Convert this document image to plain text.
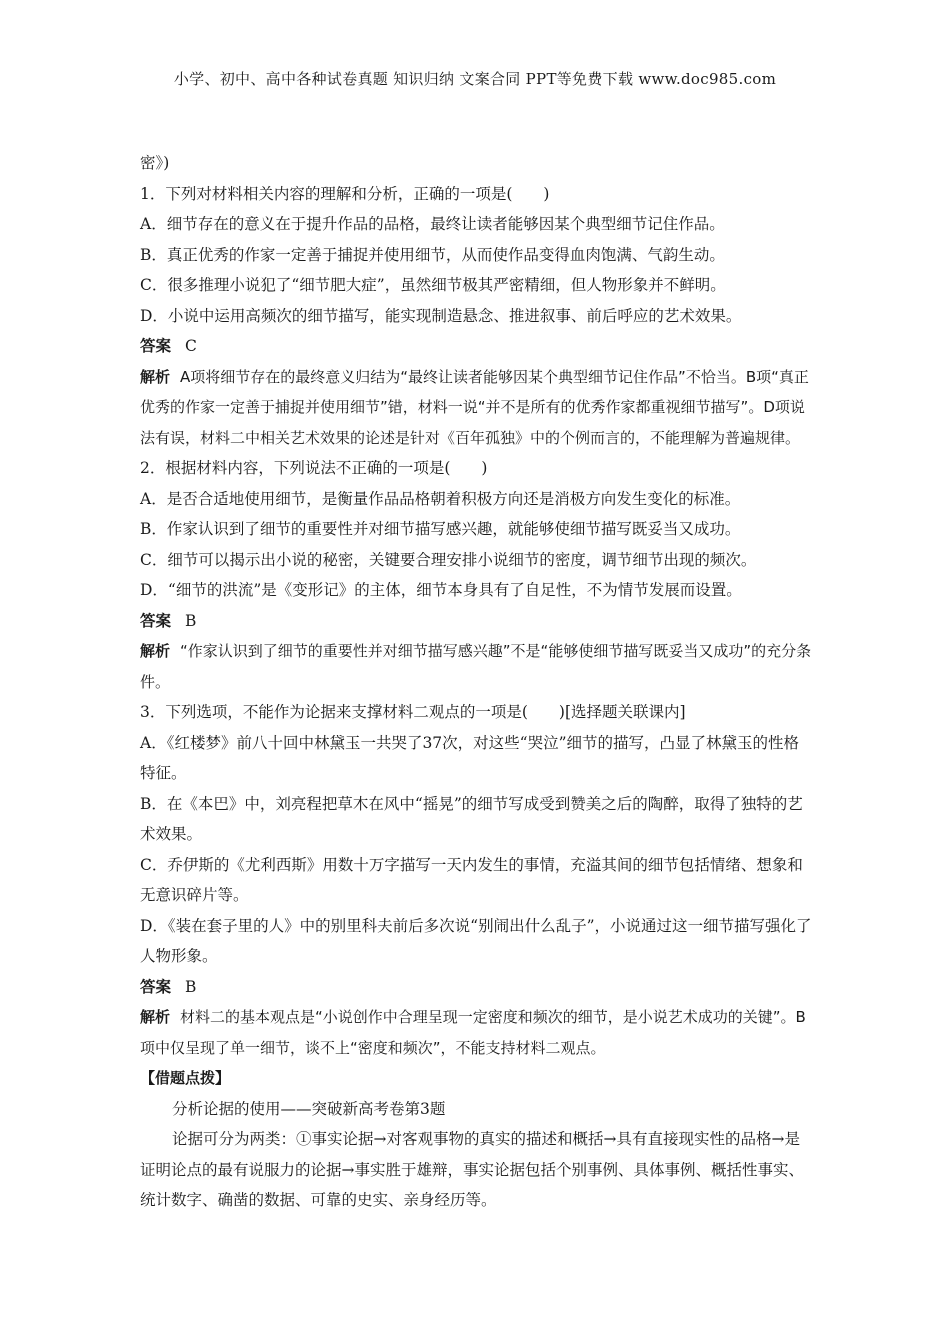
小学、初中、高中各种试卷真题 知识归纳 文案合同 PPT等免费下载 www.doc985.com
密》)
1．下列对材料相关内容的理解和分析，正确的一项是(　　)
A．细节存在的意义在于提升作品的品格，最终让读者能够因某个典型细节记住作品。
B．真正优秀的作家一定善于捕捉并使用细节，从而使作品变得血肉饱满、气韵生动。
C．很多推理小说犯了“细节肥大症”，虽然细节极其严密精细，但人物形象并不鲜明。
D．小说中运用高频次的细节描写，能实现制造悬念、推进叙事、前后呼应的艺术效果。
答案 C
解析 A项将细节存在的最终意义归结为“最终让读者能够因某个典型细节记住作品”不恰当。B项“真正优秀的作家一定善于捕捉并使用细节”错，材料一说“并不是所有的优秀作家都重视细节描写”。D项说法有误，材料二中相关艺术效果的论述是针对《百年孤独》中的个例而言的，不能理解为普遍规律。
2．根据材料内容，下列说法不正确的一项是(　　)
A．是否合适地使用细节，是衡量作品品格朝着积极方向还是消极方向发生变化的标准。
B．作家认识到了细节的重要性并对细节描写感兴趣，就能够使细节描写既妥当又成功。
C．细节可以揭示出小说的秘密，关键要合理安排小说细节的密度，调节细节出现的频次。
D．“细节的洪流”是《变形记》的主体，细节本身具有了自足性，不为情节发展而设置。
答案 B
解析 “作家认识到了细节的重要性并对细节描写感兴趣”不是“能够使细节描写既妥当又成功”的充分条件。
3．下列选项，不能作为论据来支撑材料二观点的一项是(　　)[选择题关联课内]
A．《红楼梦》前八十回中林黛玉一共哭了37次，对这些“哭泣”细节的描写，凸显了林黛玉的性格特征。
B．在《本巴》中，刘亮程把草木在风中“摇晃”的细节写成受到赞美之后的陶醉，取得了独特的艺术效果。
C．乔伊斯的《尤利西斯》用数十万字描写一天内发生的事情，充溢其间的细节包括情绪、想象和无意识碎片等。
D．《装在套子里的人》中的别里科夫前后多次说“别闹出什么乱子”，小说通过这一细节描写强化了人物形象。
答案 B
解析 材料二的基本观点是“小说创作中合理呈现一定密度和频次的细节，是小说艺术成功的关键”。B项中仅呈现了单一细节，谈不上“密度和频次”，不能支持材料二观点。
【借题点拨】
分析论据的使用——突破新高考卷第3题
论据可分为两类：①事实论据→对客观事物的真实的描述和概括→具有直接现实性的品格→是证明论点的最有说服力的论据→事实胜于雄辩，事实论据包括个别事例、具体事例、概括性事实、统计数字、确凿的数据、可靠的史实、亲身经历等。
